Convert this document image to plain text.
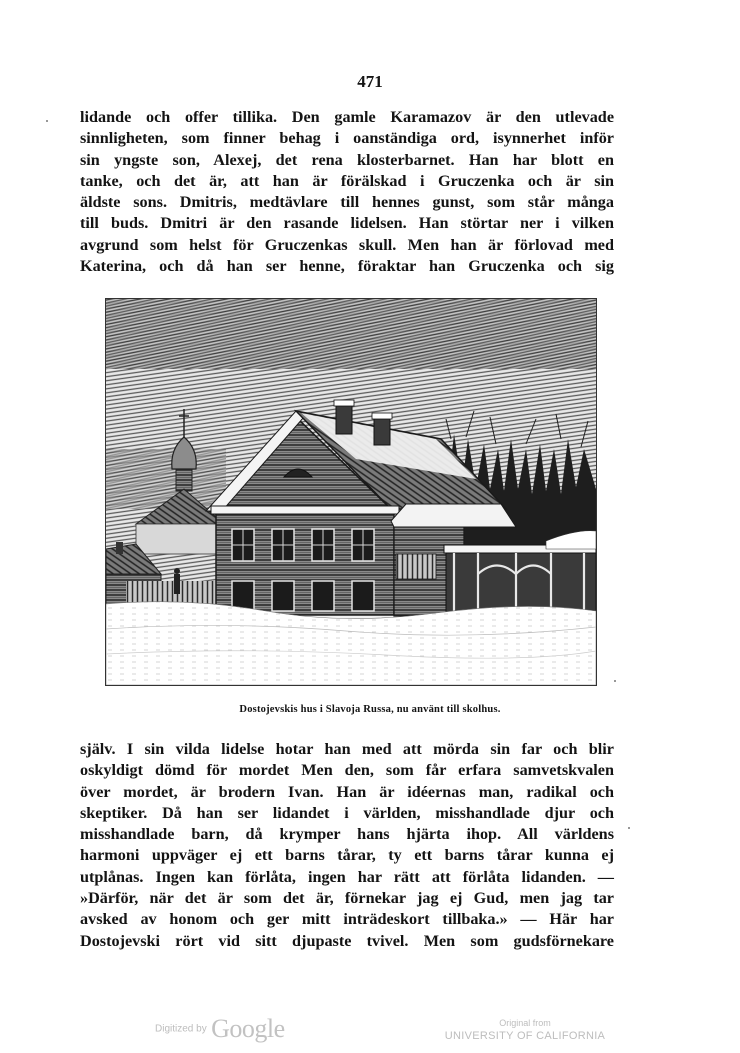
471
lidande och offer tillika. Den gamle Karamazov är den utlevade
sinnligheten, som finner behag i oanständiga ord, isynnerhet inför
sin yngste son, Alexej, det rena klosterbarnet. Han har blott en
tanke, och det är, att han är förälskad i Gruczenka och är sin
äldste sons. Dmitris, medtävlare till hennes gunst, som står många
till buds. Dmitri är den rasande lidelsen. Han störtar ner i vilken
avgrund som helst för Gruczenkas skull. Men han är förlovad med
Katerina, och då han ser henne, föraktar han Gruczenka och sig
Dostojevskis hus i Slavoja Russa, nu använt till skolhus.
själv. I sin vilda lidelse hotar han med att mörda sin far och blir
oskyldigt dömd för mordet Men den, som får erfara samvetskvalen
över mordet, är brodern Ivan. Han är idéernas man, radikal och
skeptiker. Då han ser lidandet i världen, misshandlade djur och
misshandlade barn, då krymper hans hjärta ihop. All världens
harmoni uppväger ej ett barns tårar, ty ett barns tårar kunna ej
utplånas. Ingen kan förlåta, ingen har rätt att förlåta lidanden. —
»Därför, när det är som det är, förnekar jag ej Gud, men jag tar
avsked av honom och ger mitt inträdeskort tillbaka.» — Här har
Dostojevski rört vid sitt djupaste tvivel. Men som gudsförnekare
Digitized by Google	Original from
UNIVERSITY OF CALIFORNIA
